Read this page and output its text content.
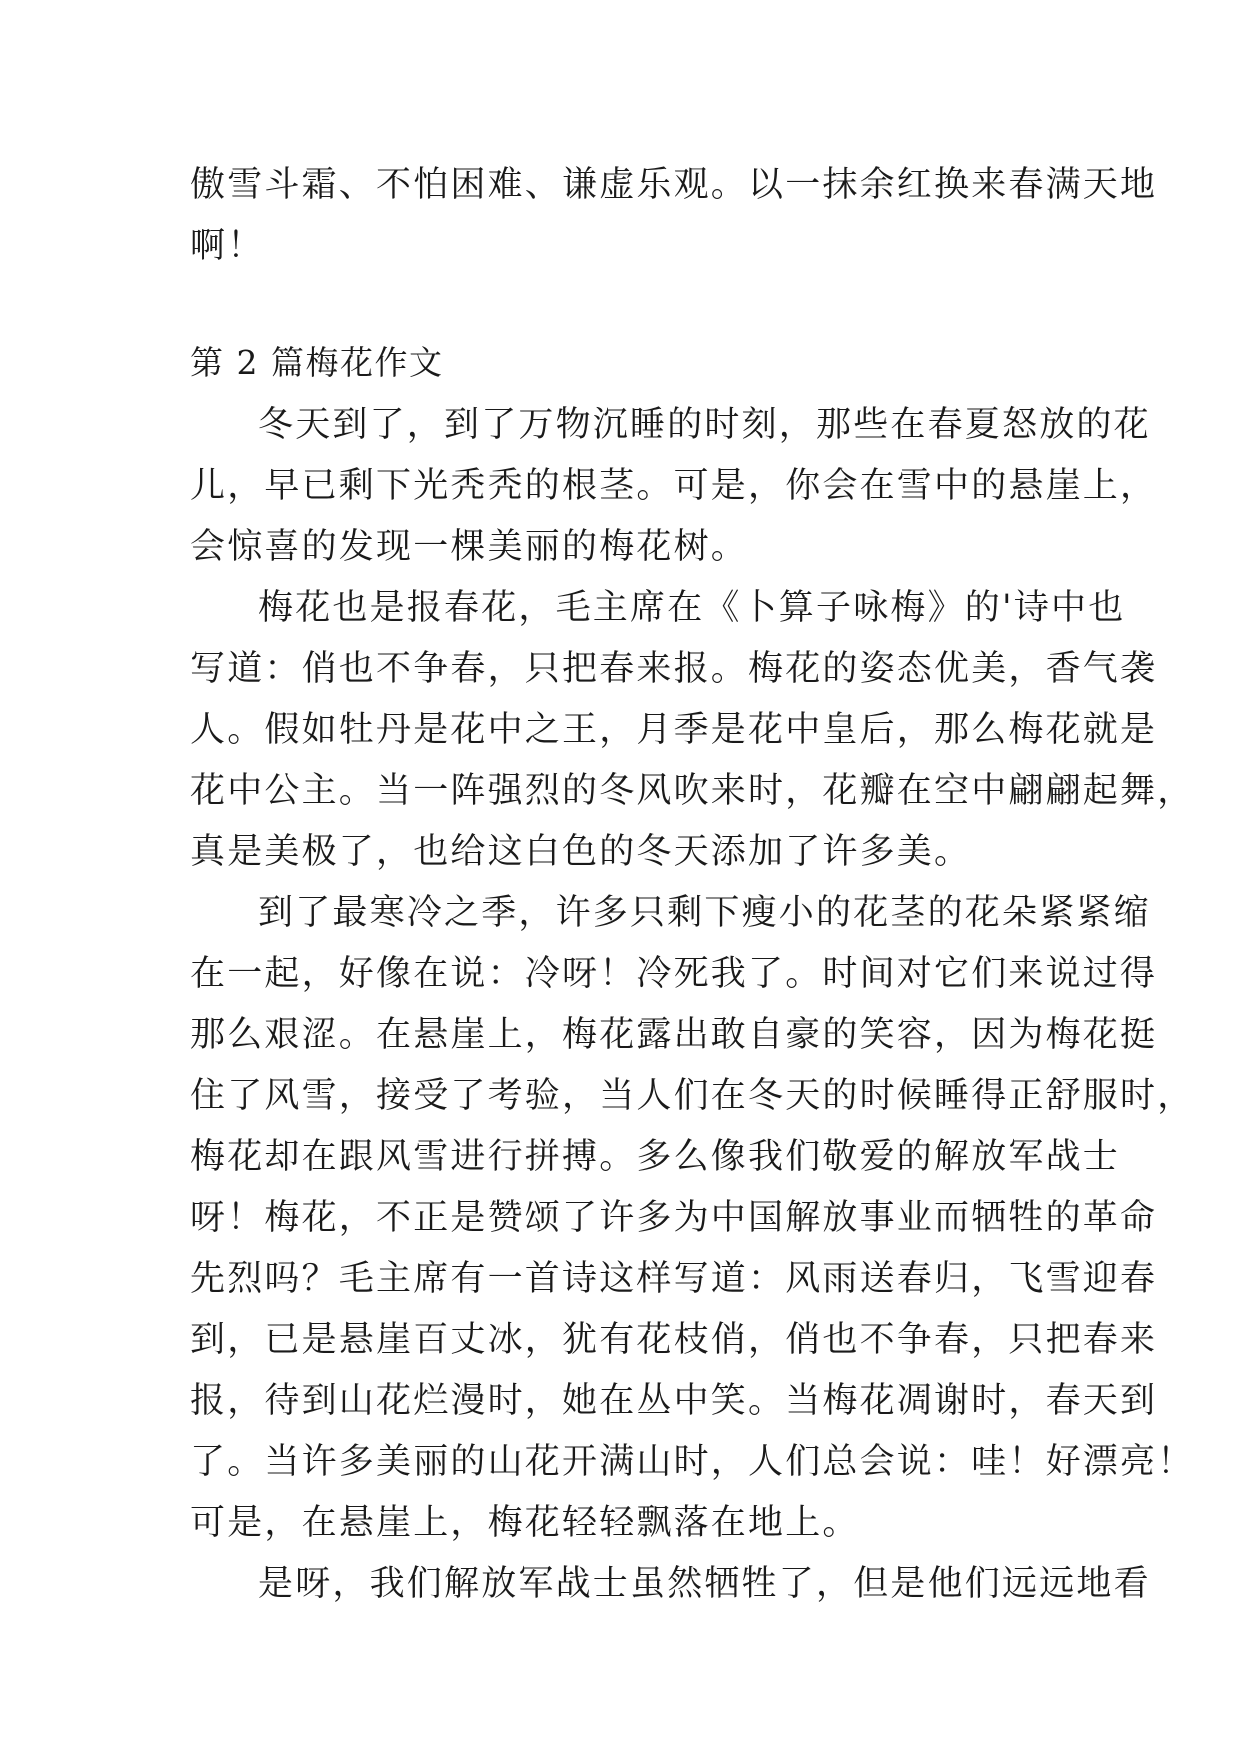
傲雪斗霜、不怕困难、谦虚乐观。以一抹余红换来春满天地
啊！
第 2 篇梅花作文
冬天到了，到了万物沉睡的时刻，那些在春夏怒放的花
儿，早已剩下光秃秃的根茎。可是，你会在雪中的悬崖上，
会惊喜的发现一棵美丽的梅花树。
梅花也是报春花，毛主席在《卜算子咏梅》的'诗中也
写道：俏也不争春，只把春来报。梅花的姿态优美，香气袭
人。假如牡丹是花中之王，月季是花中皇后，那么梅花就是
花中公主。当一阵强烈的冬风吹来时，花瓣在空中翩翩起舞，
真是美极了，也给这白色的冬天添加了许多美。
到了最寒冷之季，许多只剩下瘦小的花茎的花朵紧紧缩
在一起，好像在说：冷呀！冷死我了。时间对它们来说过得
那么艰涩。在悬崖上，梅花露出敢自豪的笑容，因为梅花挺
住了风雪，接受了考验，当人们在冬天的时候睡得正舒服时，
梅花却在跟风雪进行拼搏。多么像我们敬爱的解放军战士
呀！梅花，不正是赞颂了许多为中国解放事业而牺牲的革命
先烈吗？毛主席有一首诗这样写道：风雨送春归，飞雪迎春
到，已是悬崖百丈冰，犹有花枝俏，俏也不争春，只把春来
报，待到山花烂漫时，她在丛中笑。当梅花凋谢时，春天到
了。当许多美丽的山花开满山时，人们总会说：哇！好漂亮！
可是，在悬崖上，梅花轻轻飘落在地上。
是呀，我们解放军战士虽然牺牲了，但是他们远远地看
